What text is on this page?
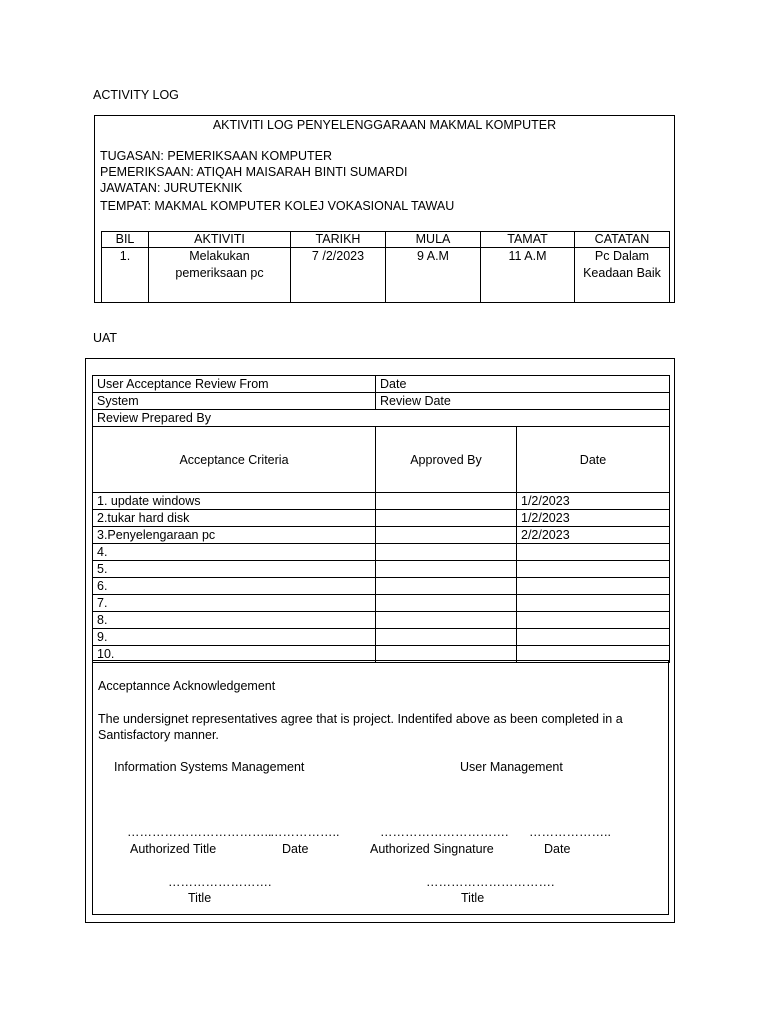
ACTIVITY LOG
AKTIVITI LOG PENYELENGGARAAN MAKMAL KOMPUTER
TUGASAN: PEMERIKSAAN KOMPUTER
PEMERIKSAAN: ATIQAH MAISARAH BINTI SUMARDI
JAWATAN: JURUTEKNIK
TEMPAT: MAKMAL KOMPUTER KOLEJ VOKASIONAL TAWAU
BIL	AKTIVITI	TARIKH	MULA	TAMAT	CATATAN
1.	Melakukan pemeriksaan pc	7 /2/2023	9 A.M	11 A.M	Pc Dalam Keadaan Baik
UAT
User Acceptance Review From	Date	
System	Review Date	
Review Prepared By		
Acceptance Criteria	Approved By	Date
1. update windows		1/2/2023
2.tukar hard disk		1/2/2023
3.Penyelengaraan pc		2/2/2023
4.		
5.		
6.		
7.		
8.		
9.		
10.		
Acceptannce Acknowledgement
The undersignet representatives agree that is project. Indentifed above as been completed in a Santisfactory manner.
Information Systems Management	User Management
……………………………..
……………..	…………………………. ………………..
Authorized Title	Date	Authorized Singnature	Date
…………………….	………………………….
Title	Title
